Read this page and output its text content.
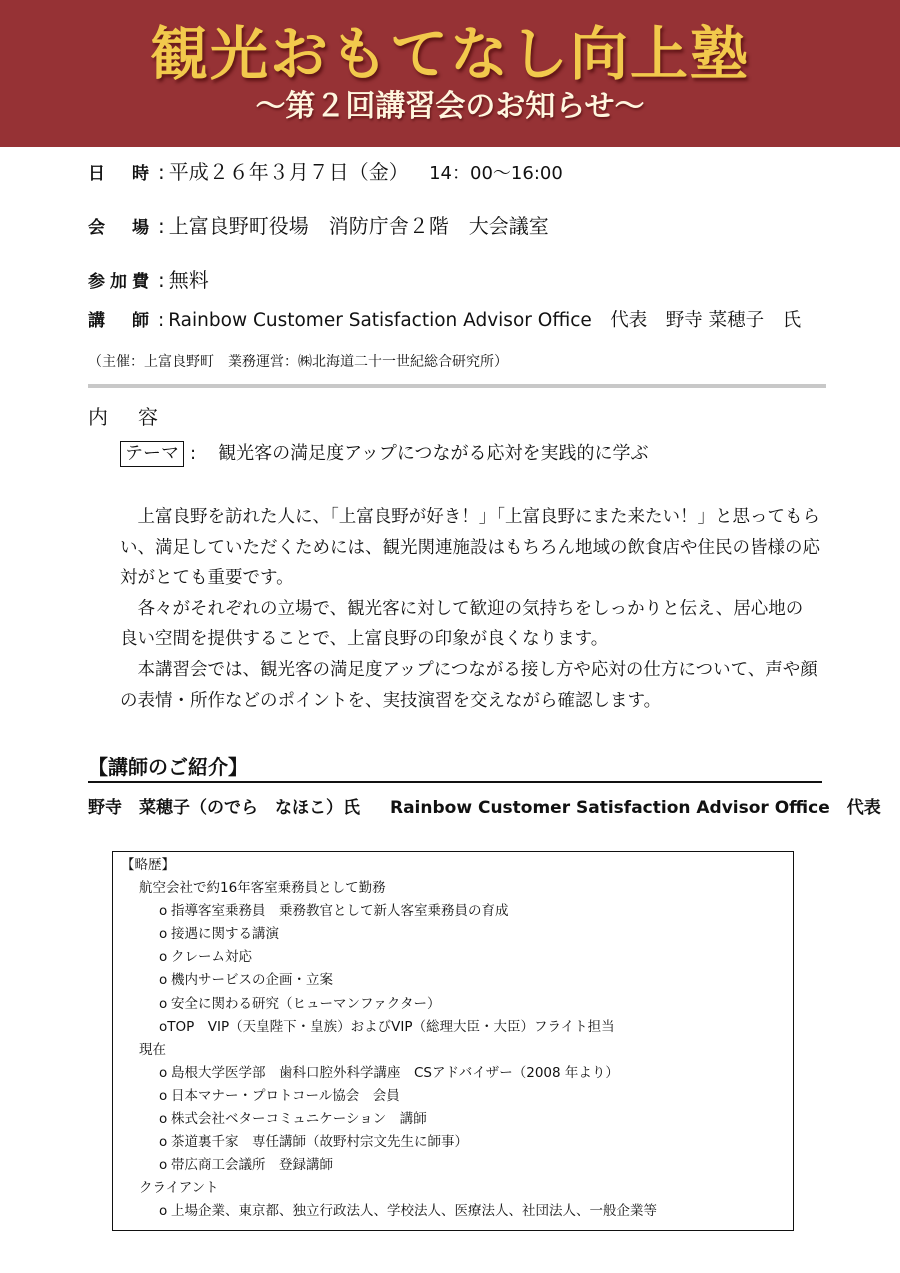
観光おもてなし向上塾
～第２回講習会のお知らせ～
日 時 : 平成２６年３月７日（金） 14：00～16:00
会 場 : 上富良野町役場　消防庁舎２階　大会議室
参 加 費 : 無料
講 師 : Rainbow Customer Satisfaction Advisor Office　代表　野寺 菜穂子　氏
（主催：上富良野町　業務運営：㈱北海道二十一世紀総合研究所）
内容
テーマ : 観光客の満足度アップにつながる応対を実践的に学ぶ

上富良野を訪れた人に、「上富良野が好き！」「上富良野にまた来たい！」と思ってもらい、満足していただくためには、観光関連施設はもちろん地域の飲食店や住民の皆様の応対がとても重要です。

各々がそれぞれの立場で、観光客に対して歓迎の気持ちをしっかりと伝え、居心地の良い空間を提供することで、上富良野の印象が良くなります。

本講習会では、観光客の満足度アップにつながる接し方や応対の仕方について、声や顔の表情・所作などのポイントを、実技演習を交えながら確認します。

【講師のご紹介】
野寺　菜穂子（のでら　なほこ）氏 Rainbow Customer Satisfaction Advisor Office　代表
【略歴】
航空会社で約16年客室乗務員として勤務
o 指導客室乗務員　乗務教官として新人客室乗務員の育成
o 接遇に関する講演
o クレーム対応
o 機内サービスの企画・立案
o 安全に関わる研究（ヒューマンファクター）
oTOP　VIP（天皇陛下・皇族）およびVIP（総理大臣・大臣）フライト担当
現在
o 島根大学医学部　歯科口腔外科学講座　CSアドバイザー（2008 年より）
o 日本マナー・プロトコール協会　会員
o 株式会社ベターコミュニケーション　講師
o 茶道裏千家　専任講師（故野村宗文先生に師事）
o 帯広商工会議所　登録講師
クライアント
o 上場企業、東京都、独立行政法人、学校法人、医療法人、社団法人、一般企業等
